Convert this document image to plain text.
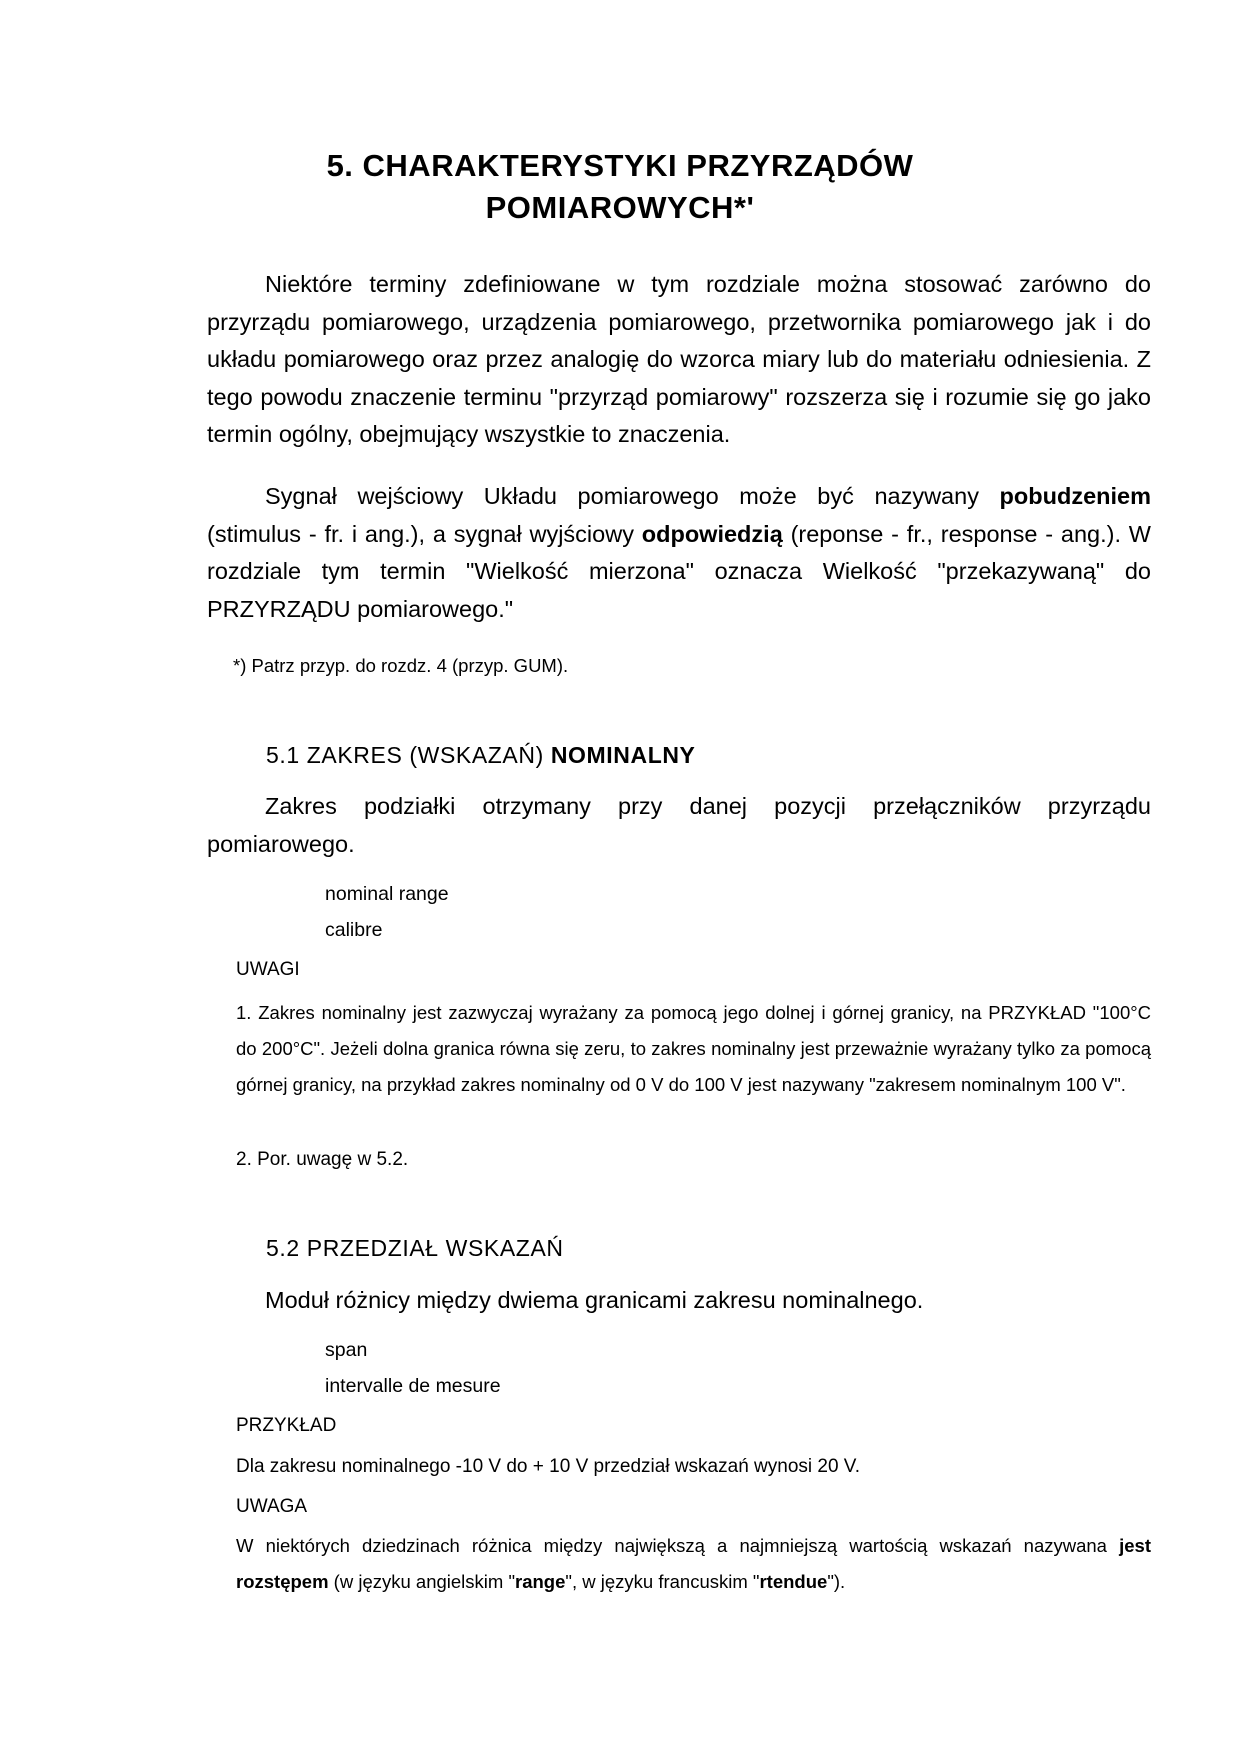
5. CHARAKTERYSTYKI PRZYRZĄDÓW
POMIAROWYCH*'

Niektóre terminy zdefiniowane w tym rozdziale można stosować zarówno do przyrządu pomiarowego, urządzenia pomiarowego, przetwornika pomiarowego jak i do układu pomiarowego oraz przez analogię do wzorca miary lub do materiału odniesienia. Z tego powodu znaczenie terminu "przyrząd pomiarowy" rozszerza się i rozumie się go jako termin ogólny, obejmujący wszystkie to znaczenia.

Sygnał wejściowy Układu pomiarowego może być nazywany pobudzeniem (stimulus - fr. i ang.), a sygnał wyjściowy odpowiedzią (reponse - fr., response - ang.). W rozdziale tym termin "Wielkość mierzona" oznacza Wielkość "przekazywaną" do PRZYRZĄDU pomiarowego."

*) Patrz przyp. do rozdz. 4 (przyp. GUM).
5.1 ZAKRES (WSKAZAŃ) NOMINALNY

Zakres podziałki otrzymany przy danej pozycji przełączników przyrządu pomiarowego.

nominal range
calibre
UWAGI

1. Zakres nominalny jest zazwyczaj wyrażany za pomocą jego dolnej i górnej granicy, na PRZYKŁAD "100°C do 200°C". Jeżeli dolna granica równa się zeru, to zakres nominalny jest przeważnie wyrażany tylko za pomocą górnej granicy, na przykład zakres nominalny od 0 V do 100 V jest nazywany "zakresem nominalnym 100 V".

2. Por. uwagę w 5.2.
5.2 PRZEDZIAŁ WSKAZAŃ

Moduł różnicy między dwiema granicami zakresu nominalnego.

span
intervalle de mesure
PRZYKŁAD
Dla zakresu nominalnego -10 V do + 10 V przedział wskazań wynosi 20 V.
UWAGA

W niektórych dziedzinach różnica między największą a najmniejszą wartością wskazań nazywana jest rozstępem (w języku angielskim "range", w języku francuskim "rtendue").
